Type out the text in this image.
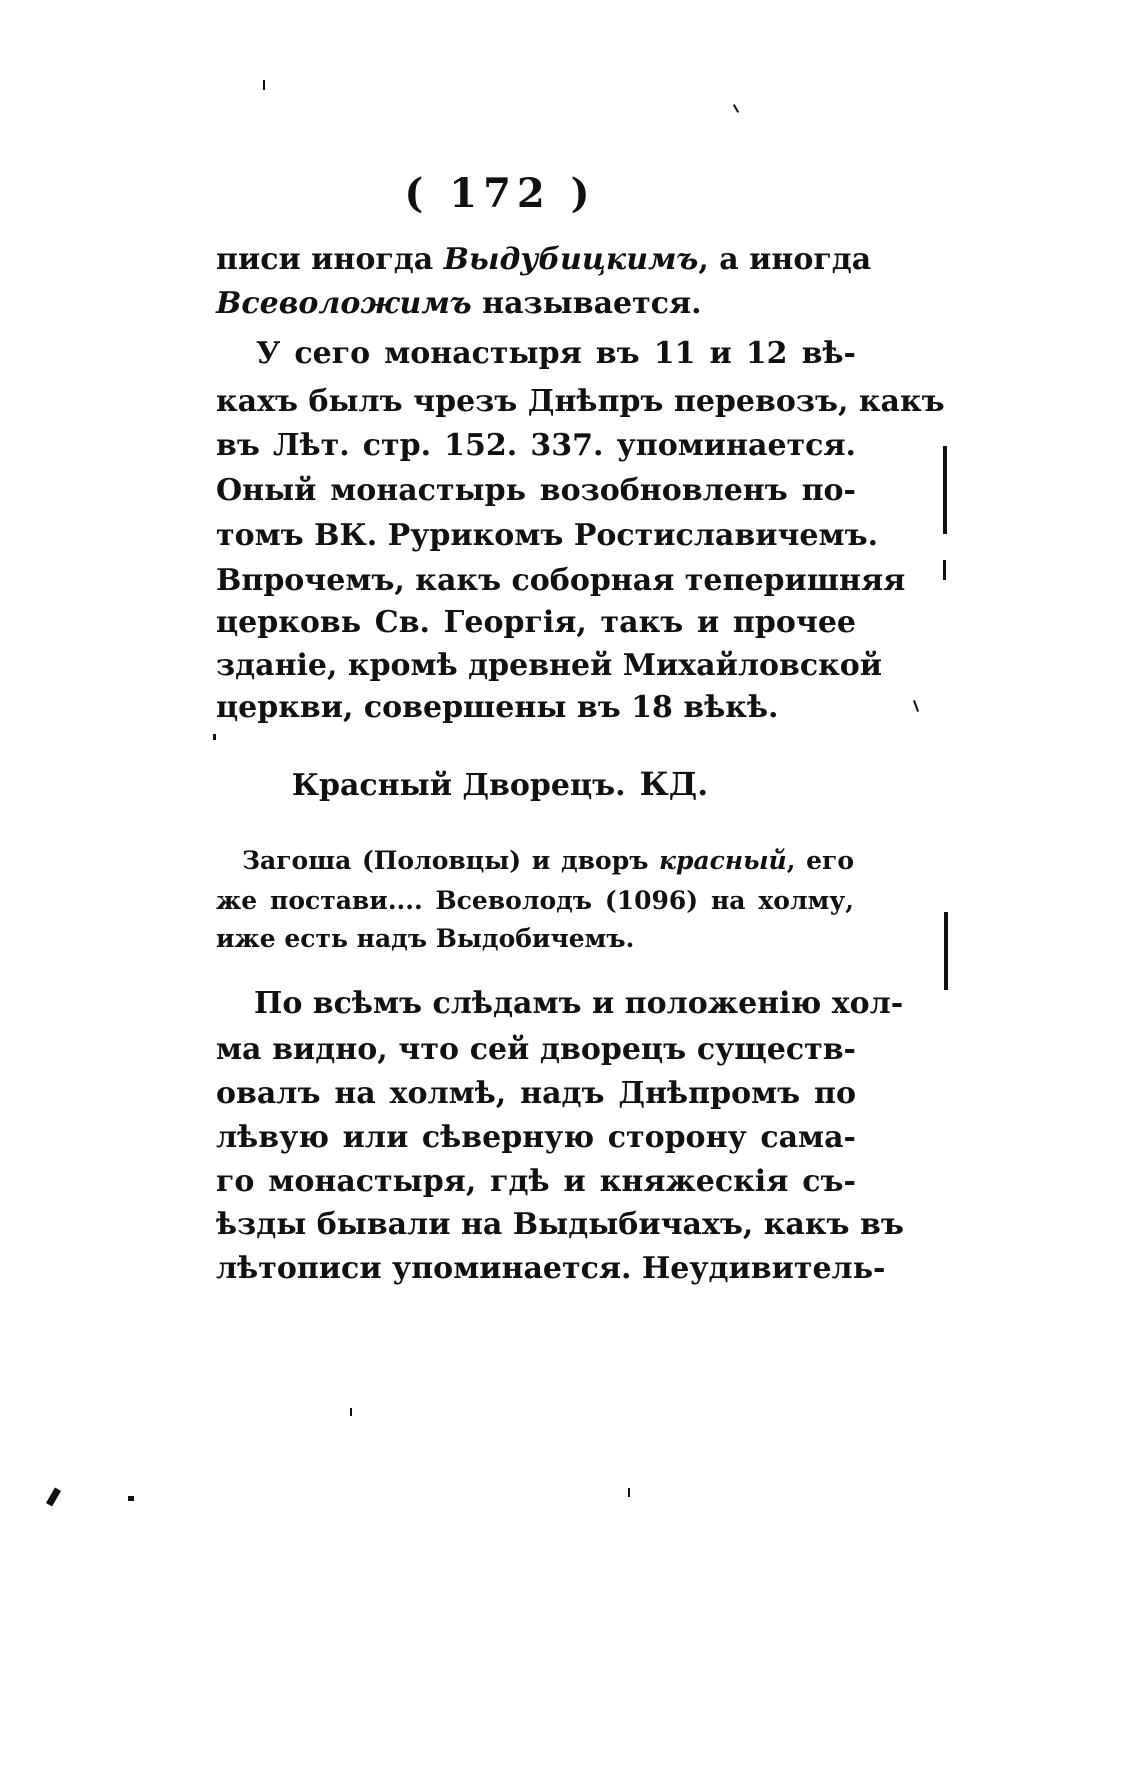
( 172 )
писи иногда Выдубицкимъ, а иногда
Всеволожимъ называется.
У сего монастыря въ 11 и 12 вѣ-
кахъ былъ чрезъ Днѣпръ перевозъ, какъ
въ Лѣт. стр. 152. 337. упоминается.
Оный монастырь возобновленъ по-
томъ ВК. Рурикомъ Ростиславичемъ.
Впрочемъ, какъ соборная теперишняя
церковь Св. Георгія, такъ и прочее
зданіе, кромѣ древней Михайловской
церкви, совершены въ 18 вѣкѣ.
Красный Дворецъ. КД.
Загоша (Половцы) и дворъ красный, его
же постави.... Всеволодъ (1096) на холму,
иже есть надъ Выдобичемъ.
По всѣмъ слѣдамъ и положенію хол-
ма видно, что сей дворецъ существ-
овалъ на холмѣ, надъ Днѣпромъ по
лѣвую или сѣверную сторону сама-
го монастыря, гдѣ и княжескія съ-
ѣзды бывали на Выдыбичахъ, какъ въ
лѣтописи упоминается. Неудивитель-
